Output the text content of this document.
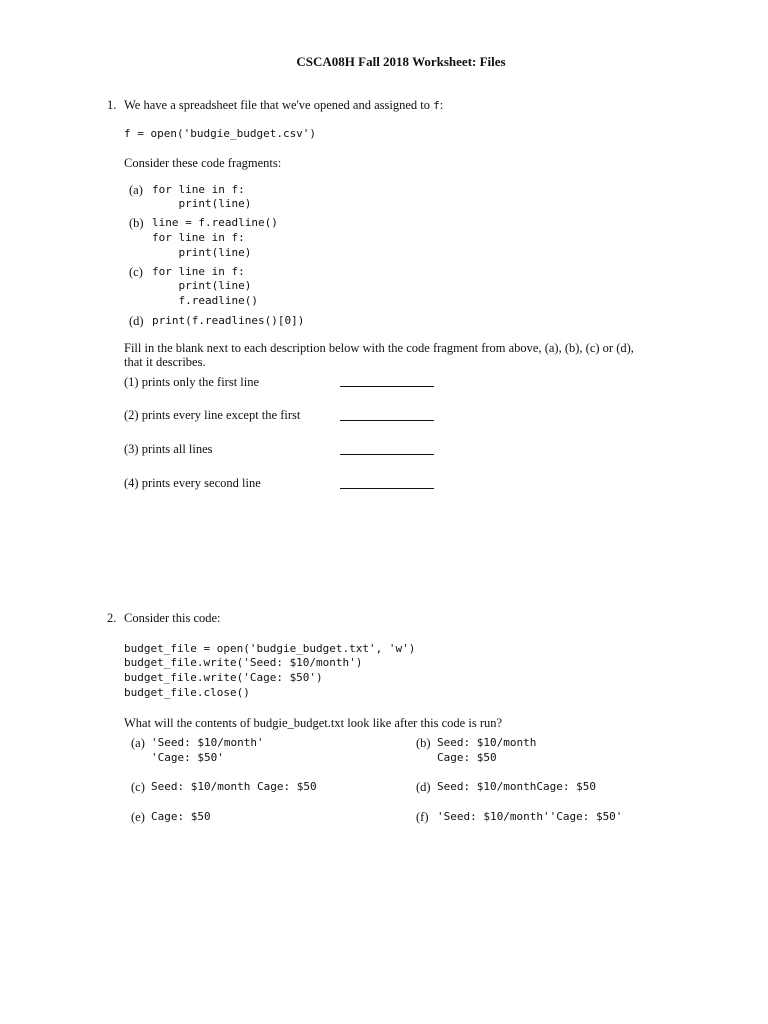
CSCA08H Fall 2018 Worksheet: Files
1. We have a spreadsheet file that we've opened and assigned to f:
f = open('budgie_budget.csv')
Consider these code fragments:
(a) for line in f:
print(line)
(b) line = f.readline()
for line in f:
print(line)
(c) for line in f:
print(line)
f.readline()
(d) print(f.readlines()[0])
Fill in the blank next to each description below with the code fragment from above, (a), (b), (c) or (d),
that it describes.
(1) prints only the first line
(2) prints every line except the first
(3) prints all lines
(4) prints every second line
2. Consider this code:
budget_file = open('budgie_budget.txt', 'w')
budget_file.write('Seed: $10/month')
budget_file.write('Cage: $50')
budget_file.close()
What will the contents of budgie_budget.txt look like after this code is run?
(a) 'Seed: $10/month'
'Cage: $50'
(b) Seed: $10/month
Cage: $50
(c) Seed: $10/month Cage: $50	(d) Seed: $10/monthCage: $50
(e) Cage: $50	(f) 'Seed: $10/month''Cage: $50'
